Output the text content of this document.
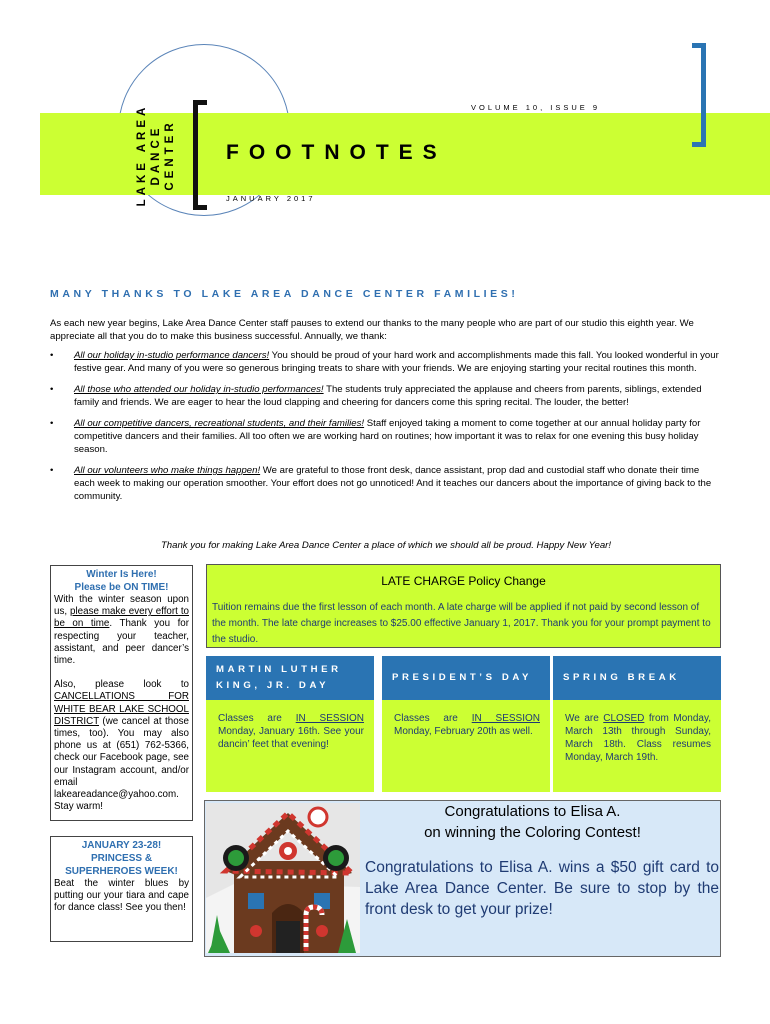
LAKE AREA DANCE CENTER
VOLUME 10, ISSUE 9
FOOTNOTES
JANUARY 2017
MANY THANKS TO LAKE AREA DANCE CENTER FAMILIES!

As each new year begins, Lake Area Dance Center staff pauses to extend our thanks to the many people who are part of our studio this eighth year. We appreciate all that you do to make this business successful. Annually, we thank:

• All our holiday in-studio performance dancers! You should be proud of your hard work and accomplishments made this fall. You looked wonderful in your festive gear. And many of you were so generous bringing treats to share with your friends. We are enjoying starting your recital routines this month.
• All those who attended our holiday in-studio performances! The students truly appreciated the applause and cheers from parents, siblings, extended family and friends. We are eager to hear the loud clapping and cheering for dancers come this spring recital. The louder, the better!
• All our competitive dancers, recreational students, and their families! Staff enjoyed taking a moment to come together at our annual holiday party for competitive dancers and their families. All too often we are working hard on routines; how important it was to relax for one evening this busy holiday season.
• All our volunteers who make things happen! We are grateful to those front desk, dance assistant, prop dad and custodial staff who donate their time each week to making our operation smoother. Your effort does not go unnoticed! And it teaches our dancers about the importance of giving back to the community.

Thank you for making Lake Area Dance Center a place of which we should all be proud. Happy New Year!

Winter Is Here!
Please be ON TIME!

With the winter season upon us, please make every effort to be on time. Thank you for respecting your teacher, assistant, and peer dancer’s time.

Also, please look to CANCELLATIONS FOR WHITE BEAR LAKE SCHOOL DISTRICT (we cancel at those times, too). You may also phone us at (651) 762-5366, check our Facebook page, see our Instagram account, and/or email lakeareadance@yahoo.com. Stay warm!

JANUARY 23-28!
PRINCESS & SUPERHEROES WEEK!

Beat the winter blues by putting our your tiara and cape for dance class! See you then!

LATE CHARGE Policy Change

Tuition remains due the first lesson of each month. A late charge will be applied if not paid by second lesson of the month. The late charge increases to $25.00 effective January 1, 2017. Thank you for your prompt payment to the studio.

MARTIN LUTHER KING, JR. DAY

Classes are IN SESSION Monday, January 16th. See your dancin’ feet that evening!

PRESIDENT’S DAY

Classes are IN SESSION Monday, February 20th as well.

SPRING BREAK

We are CLOSED from Monday, March 13th through Sunday, March 18th. Class resumes Monday, March 19th.

Congratulations to Elisa A.
on winning the Coloring Contest!

Congratulations to Elisa A. wins a $50 gift card to Lake Area Dance Center. Be sure to stop by the front desk to get your prize!
